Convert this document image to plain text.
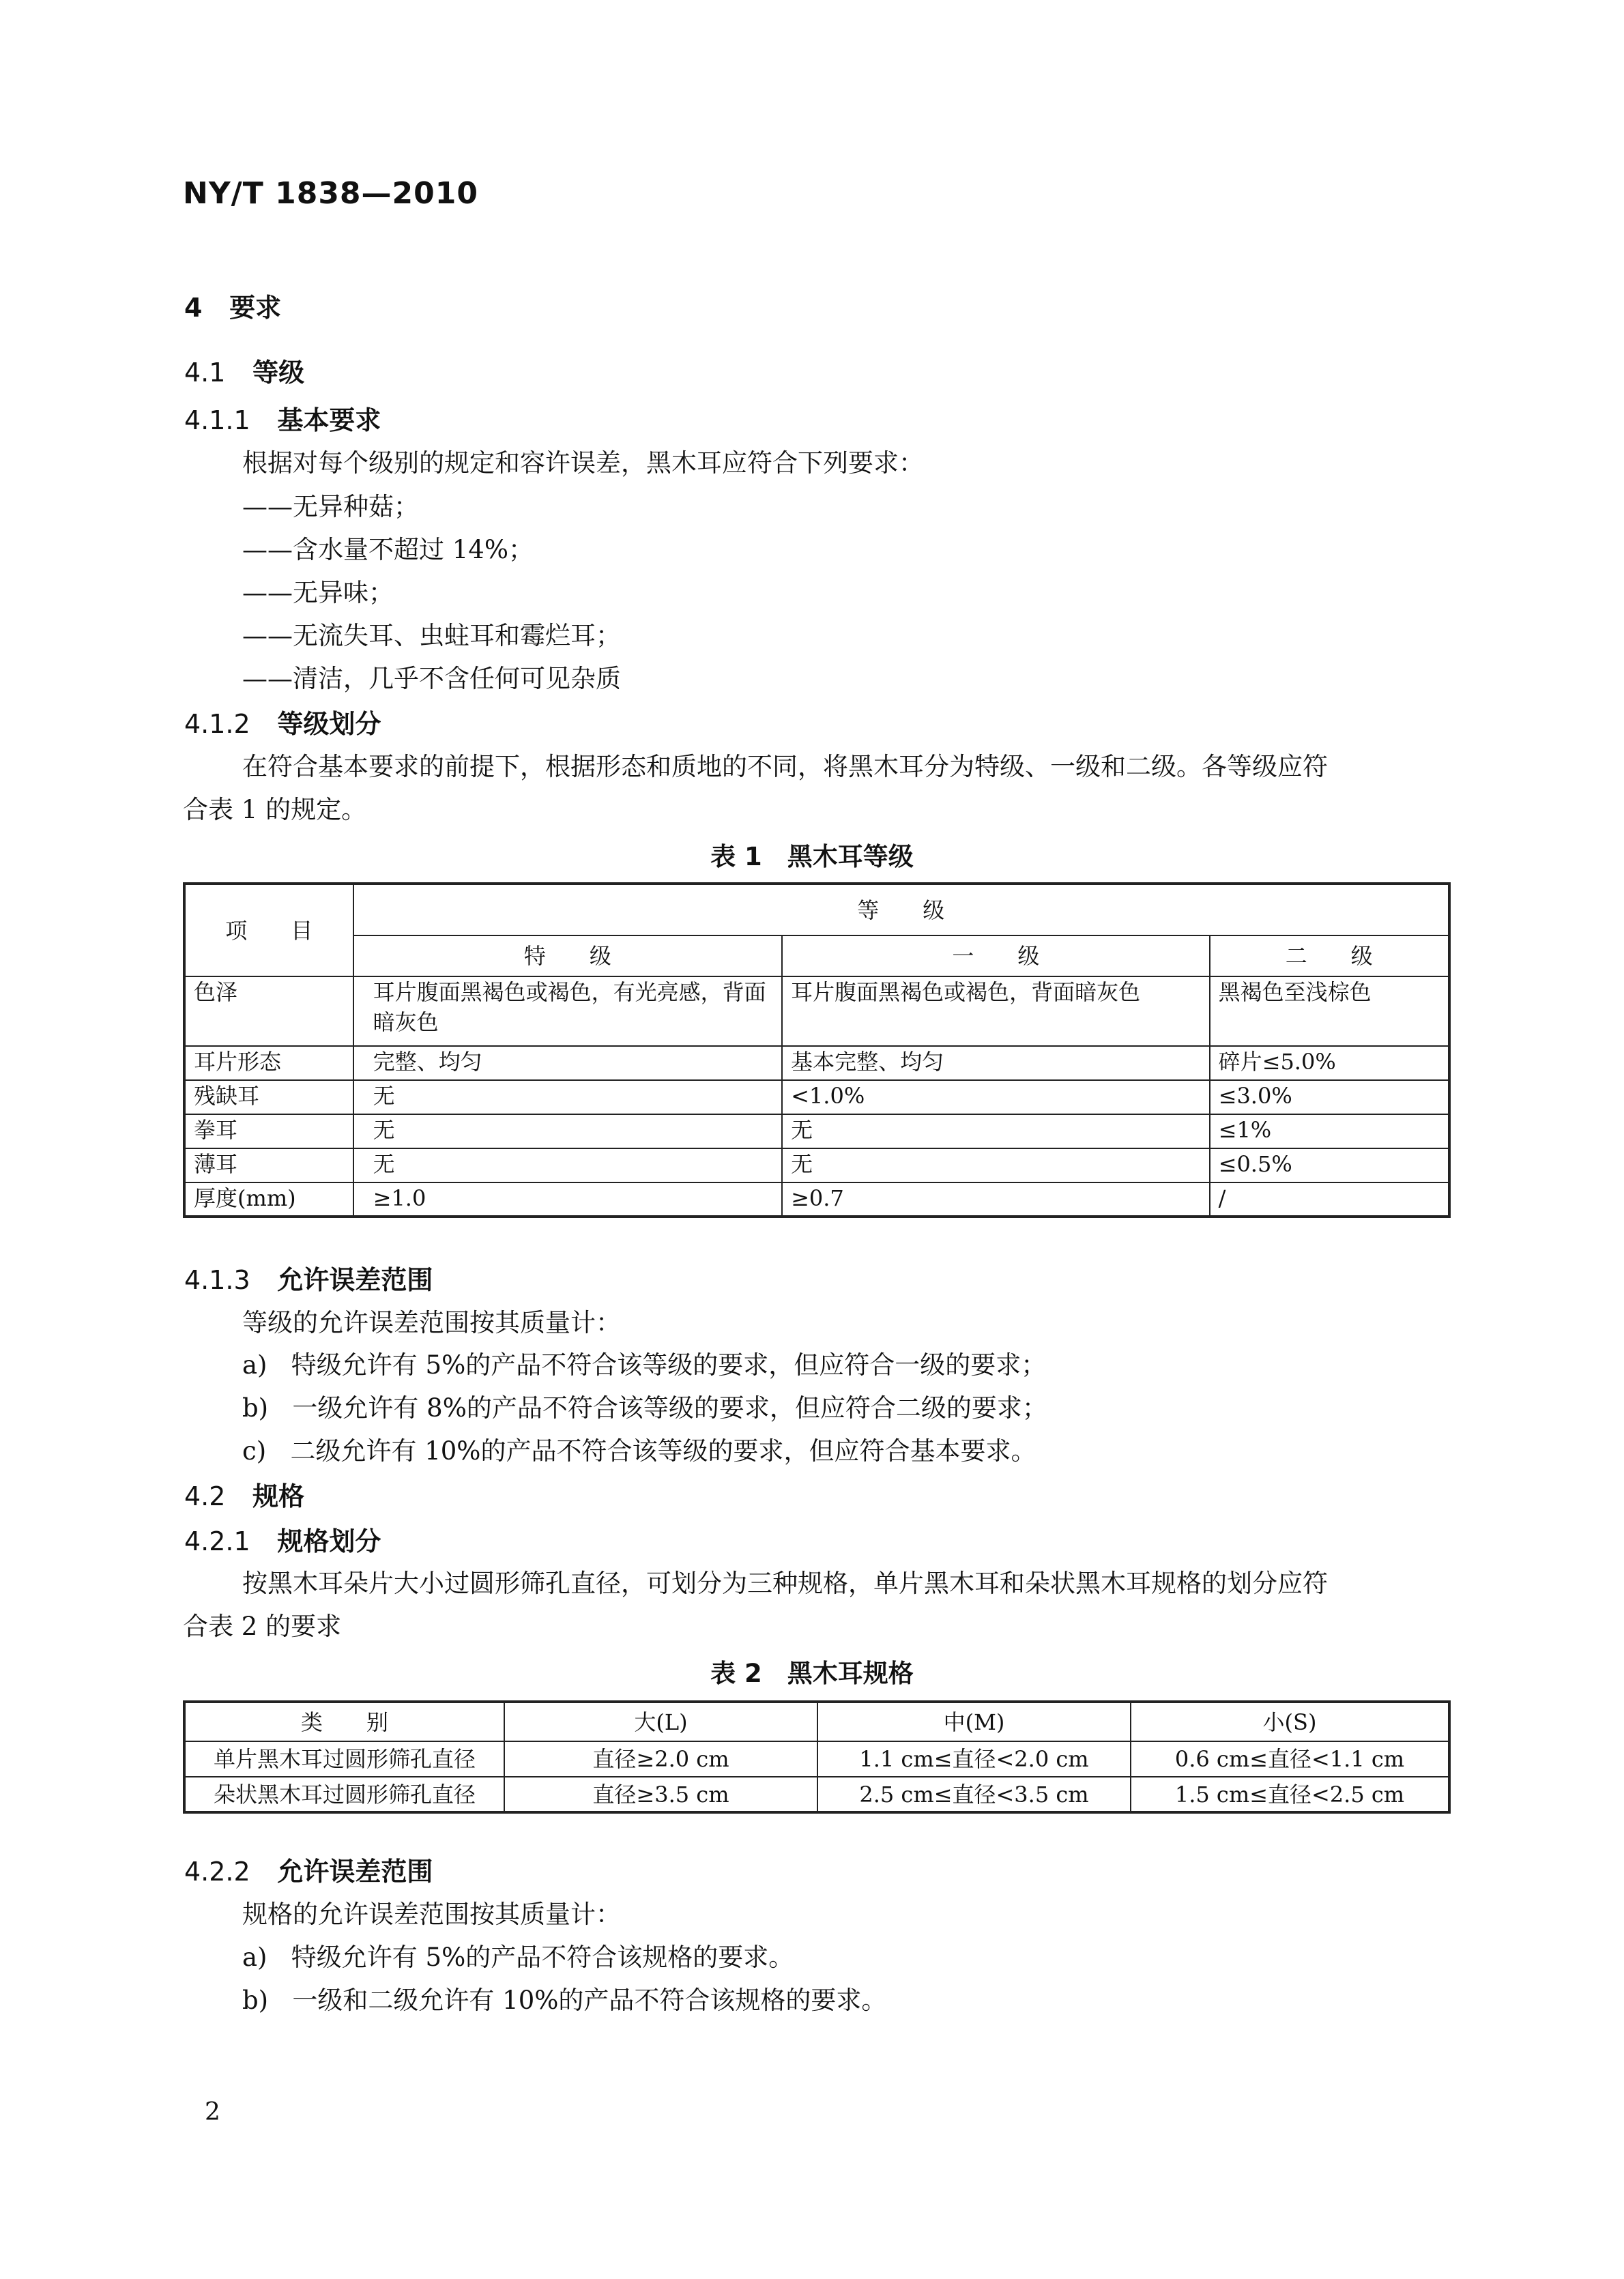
NY/T 1838—2010
4 要求
4.1 等级
4.1.1 基本要求
根据对每个级别的规定和容许误差，黑木耳应符合下列要求：
——无异种菇；
——含水量不超过 14%；
——无异味；
——无流失耳、虫蛀耳和霉烂耳；
——清洁，几乎不含任何可见杂质
4.1.2 等级划分
在符合基本要求的前提下，根据形态和质地的不同，将黑木耳分为特级、一级和二级。各等级应符
合表 1 的规定。
表 1　黑木耳等级
项　　目	等　　级		
	特　　级	一　　级	二　　级
色泽	耳片腹面黑褐色或褐色，有光亮感，背面暗灰色	耳片腹面黑褐色或褐色，背面暗灰色	黑褐色至浅棕色
耳片形态	完整、均匀	基本完整、均匀	碎片≤5.0%
残缺耳	无	<1.0%	≤3.0%
拳耳	无	无	≤1%
薄耳	无	无	≤0.5%
厚度(mm)	≥1.0	≥0.7	/
4.1.3 允许误差范围
等级的允许误差范围按其质量计：
a) 特级允许有 5%的产品不符合该等级的要求，但应符合一级的要求；
b) 一级允许有 8%的产品不符合该等级的要求，但应符合二级的要求；
c) 二级允许有 10%的产品不符合该等级的要求，但应符合基本要求。
4.2 规格
4.2.1 规格划分
按黑木耳朵片大小过圆形筛孔直径，可划分为三种规格，单片黑木耳和朵状黑木耳规格的划分应符
合表 2 的要求
表 2　黑木耳规格
类　　别	大(L)	中(M)	小(S)
单片黑木耳过圆形筛孔直径	直径≥2.0 cm	1.1 cm≤直径<2.0 cm	0.6 cm≤直径<1.1 cm
朵状黑木耳过圆形筛孔直径	直径≥3.5 cm	2.5 cm≤直径<3.5 cm	1.5 cm≤直径<2.5 cm
4.2.2 允许误差范围
规格的允许误差范围按其质量计：
a) 特级允许有 5%的产品不符合该规格的要求。
b) 一级和二级允许有 10%的产品不符合该规格的要求。
2
